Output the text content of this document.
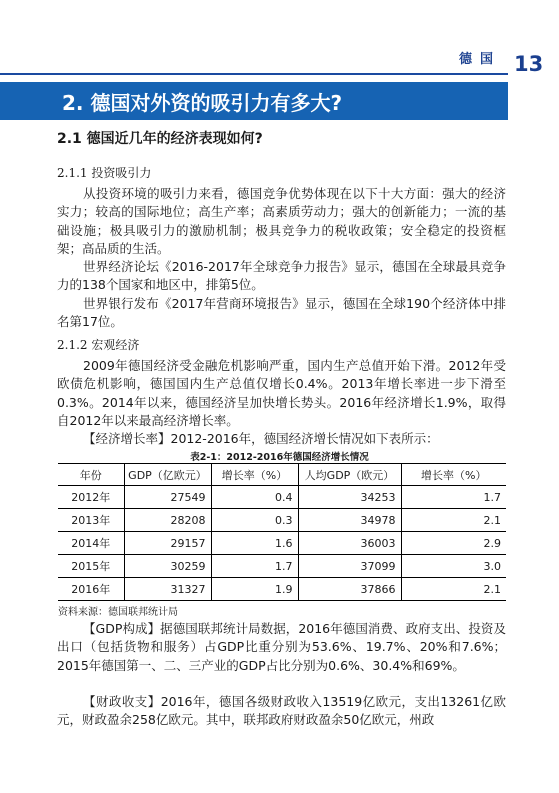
德国 13
2. 德国对外资的吸引力有多大?
2.1 德国近几年的经济表现如何?
2.1.1 投资吸引力
从投资环境的吸引力来看，德国竞争优势体现在以下十大方面：强大的经济实力；较高的国际地位；高生产率；高素质劳动力；强大的创新能力；一流的基础设施；极具吸引力的激励机制；极具竞争力的税收政策；安全稳定的投资框架；高品质的生活。
世界经济论坛《2016-2017年全球竞争力报告》显示，德国在全球最具竞争力的138个国家和地区中，排第5位。
世界银行发布《2017年营商环境报告》显示，德国在全球190个经济体中排名第17位。
2.1.2 宏观经济
2009年德国经济受金融危机影响严重，国内生产总值开始下滑。2012年受欧债危机影响，德国国内生产总值仅增长0.4%。2013年增长率进一步下滑至0.3%。2014年以来，德国经济呈加快增长势头。2016年经济增长1.9%，取得自2012年以来最高经济增长率。
【经济增长率】2012-2016年，德国经济增长情况如下表所示：
表2-1：2012-2016年德国经济增长情况
年份	GDP（亿欧元）	增长率（%）	人均GDP（欧元）	增长率（%）
2012年	27549	0.4	34253	1.7
2013年	28208	0.3	34978	2.1
2014年	29157	1.6	36003	2.9
2015年	30259	1.7	37099	3.0
2016年	31327	1.9	37866	2.1
资料来源：德国联邦统计局
【GDP构成】据德国联邦统计局数据，2016年德国消费、政府支出、投资及出口（包括货物和服务）占GDP比重分别为53.6%、19.7%、20%和7.6%；2015年德国第一、二、三产业的GDP占比分别为0.6%、30.4%和69%。
【财政收支】2016年，德国各级财政收入13519亿欧元，支出13261亿欧元，财政盈余258亿欧元。其中，联邦政府财政盈余50亿欧元，州政
